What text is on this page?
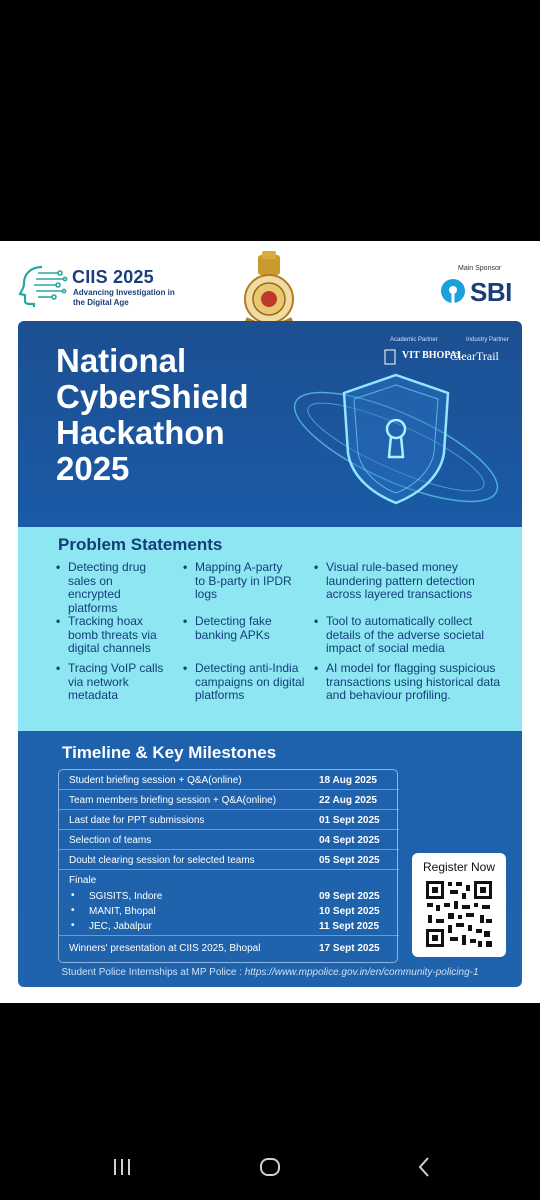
CIIS 2025
Advancing Investigation in the Digital Age
Main Sponsor
SBI
Academic Partner	Industry Partner
VIT BHOPAL
ClearTrail
National
CyberShield
Hackathon
2025
Problem Statements
• Detecting drug sales on encrypted platforms
• Tracking hoax bomb threats via digital channels
• Tracing VoIP calls via network metadata
• Mapping A-party to B-party in IPDR logs
• Detecting fake banking APKs
• Detecting anti-India campaigns on digital platforms
• Visual rule-based money laundering pattern detection across layered transactions
• Tool to automatically collect details of the adverse societal impact of social media
• AI model for flagging suspicious transactions using historical data and behaviour profiling.
Timeline & Key Milestones
Student briefing session + Q&A(online)	18 Aug 2025
Team members briefing session + Q&A(online)	22 Aug 2025
Last date for PPT submissions	01 Sept 2025
Selection of teams	04 Sept 2025
Doubt clearing session for selected teams	05 Sept 2025
Finale
• SGISITS, Indore	09 Sept 2025
• MANIT, Bhopal	10 Sept 2025
• JEC, Jabalpur	11 Sept 2025
Winners' presentation at CIIS 2025, Bhopal	17 Sept 2025
Register Now
Student Police Internships at MP Police : https://www.mppolice.gov.in/en/community-policing-1
